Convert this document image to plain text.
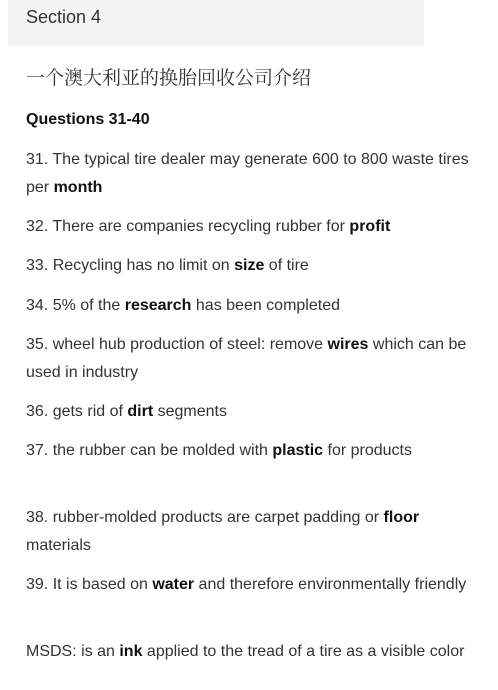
Section 4
一个澳大利亚的换胎回收公司介绍
Questions 31-40
31. The typical tire dealer may generate 600 to 800 waste tires per month
32. There are companies recycling rubber for profit
33. Recycling has no limit on size of tire
34. 5% of the research has been completed
35. wheel hub production of steel: remove wires which can be used in industry
36. gets rid of dirt segments
37. the rubber can be molded with plastic for products
38. rubber-molded products are carpet padding or floor materials
39. It is based on water and therefore environmentally friendly
MSDS: is an ink applied to the tread of a tire as a visible color
